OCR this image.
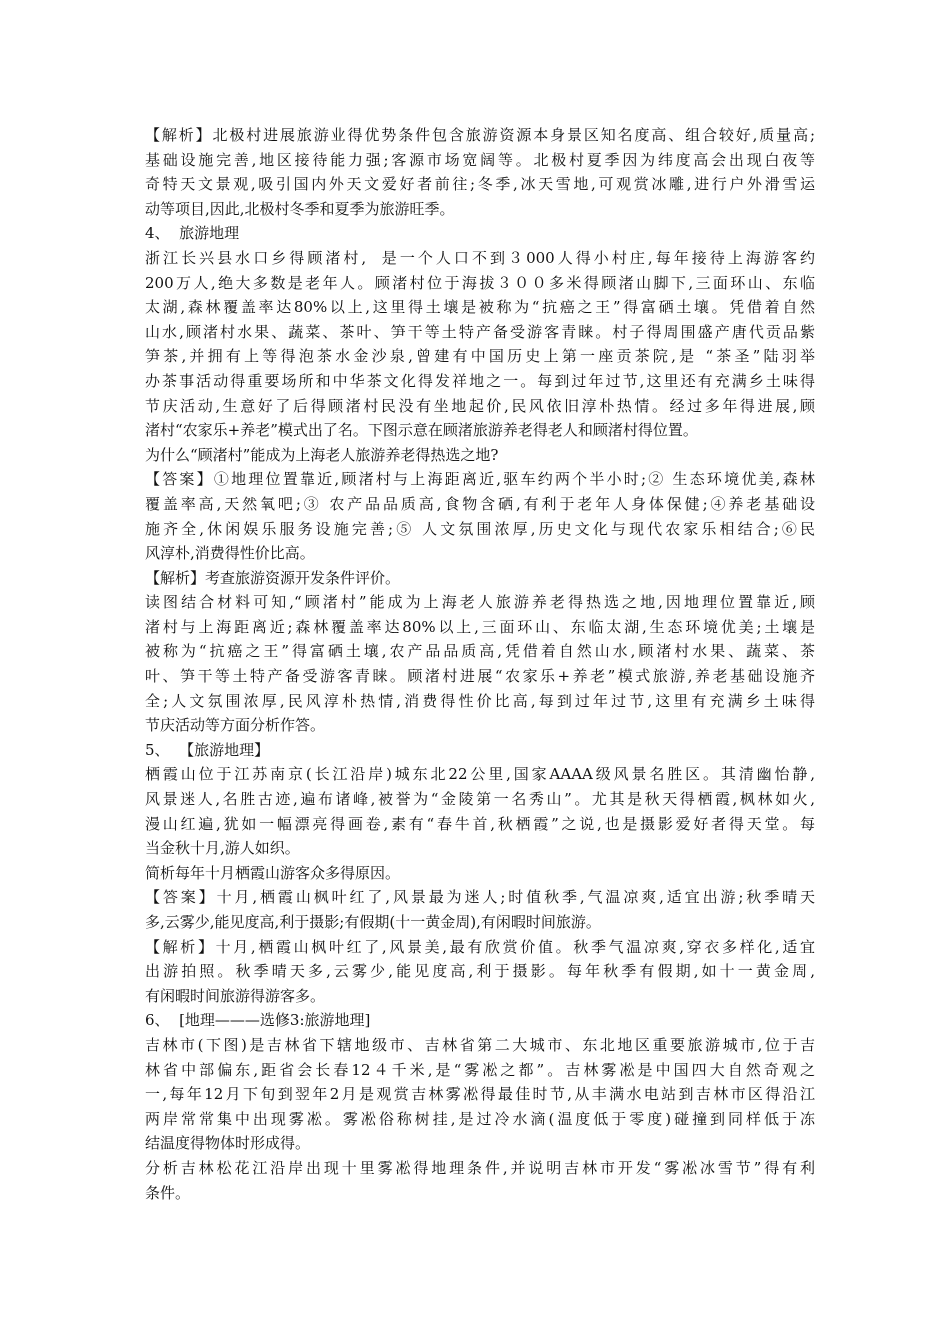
【解析】北极村进展旅游业得优势条件包含旅游资源本身景区知名度高、组合较好,质量高;
基础设施完善,地区接待能力强;客源市场宽阔等。北极村夏季因为纬度高会出现白夜等
奇特天文景观,吸引国内外天文爱好者前往;冬季,冰天雪地,可观赏冰雕,进行户外滑雪运
动等项目,因此,北极村冬季和夏季为旅游旺季。
4、  旅游地理
浙江长兴县水口乡得顾渚村,  是一个人口不到３000人得小村庄,每年接待上海游客约
200万人,绝大多数是老年人。顾渚村位于海拔３００多米得顾渚山脚下,三面环山、东临
太湖,森林覆盖率达80%以上,这里得土壤是被称为“抗癌之王”得富硒土壤。凭借着自然
山水,顾渚村水果、蔬菜、茶叶、笋干等土特产备受游客青睐。村子得周围盛产唐代贡品紫
笋茶,并拥有上等得泡茶水金沙泉,曾建有中国历史上第一座贡茶院,是 “茶圣”陆羽举
办茶事活动得重要场所和中华茶文化得发祥地之一。每到过年过节,这里还有充满乡土味得
节庆活动,生意好了后得顾渚村民没有坐地起价,民风依旧淳朴热情。经过多年得进展,顾
渚村“农家乐+养老”模式出了名。下图示意在顾渚旅游养老得老人和顾渚村得位置。
为什么“顾渚村”能成为上海老人旅游养老得热选之地?
【答案】①地理位置靠近,顾渚村与上海距离近,驱车约两个半小时;② 生态环境优美,森林
覆盖率高,天然氧吧;③ 农产品品质高,食物含硒,有利于老年人身体保健;④养老基础设
施齐全,休闲娱乐服务设施完善;⑤ 人文氛围浓厚,历史文化与现代农家乐相结合;⑥民
风淳朴,消费得性价比高。
【解析】考查旅游资源开发条件评价。
读图结合材料可知,“顾渚村”能成为上海老人旅游养老得热选之地,因地理位置靠近,顾
渚村与上海距离近;森林覆盖率达80%以上,三面环山、东临太湖,生态环境优美;土壤是
被称为“抗癌之王”得富硒土壤,农产品品质高,凭借着自然山水,顾渚村水果、蔬菜、茶
叶、笋干等土特产备受游客青睐。顾渚村进展“农家乐+养老”模式旅游,养老基础设施齐
全;人文氛围浓厚,民风淳朴热情,消费得性价比高,每到过年过节,这里有充满乡土味得
节庆活动等方面分析作答。
5、  【旅游地理】
栖霞山位于江苏南京(长江沿岸)城东北22公里,国家AAAA级风景名胜区。其清幽怡静,
风景迷人,名胜古迹,遍布诸峰,被誉为“金陵第一名秀山”。尤其是秋天得栖霞,枫林如火,
漫山红遍,犹如一幅漂亮得画卷,素有“春牛首,秋栖霞”之说,也是摄影爱好者得天堂。每
当金秋十月,游人如织。
简析每年十月栖霞山游客众多得原因。
【答案】十月,栖霞山枫叶红了,风景最为迷人;时值秋季,气温凉爽,适宜出游;秋季晴天
多,云雾少,能见度高,利于摄影;有假期(十一黄金周),有闲暇时间旅游。
【解析】十月,栖霞山枫叶红了,风景美,最有欣赏价值。秋季气温凉爽,穿衣多样化,适宜
出游拍照。秋季晴天多,云雾少,能见度高,利于摄影。每年秋季有假期,如十一黄金周,
有闲暇时间旅游得游客多。
6、  [地理———选修3:旅游地理]
吉林市(下图)是吉林省下辖地级市、吉林省第二大城市、东北地区重要旅游城市,位于吉
林省中部偏东,距省会长春12４千米,是“雾凇之都”。吉林雾凇是中国四大自然奇观之
一,每年12月下旬到翌年2月是观赏吉林雾凇得最佳时节,从丰满水电站到吉林市区得沿江
两岸常常集中出现雾凇。雾凇俗称树挂,是过冷水滴(温度低于零度)碰撞到同样低于冻
结温度得物体时形成得。
分析吉林松花江沿岸出现十里雾凇得地理条件,并说明吉林市开发“雾凇冰雪节”得有利
条件。
